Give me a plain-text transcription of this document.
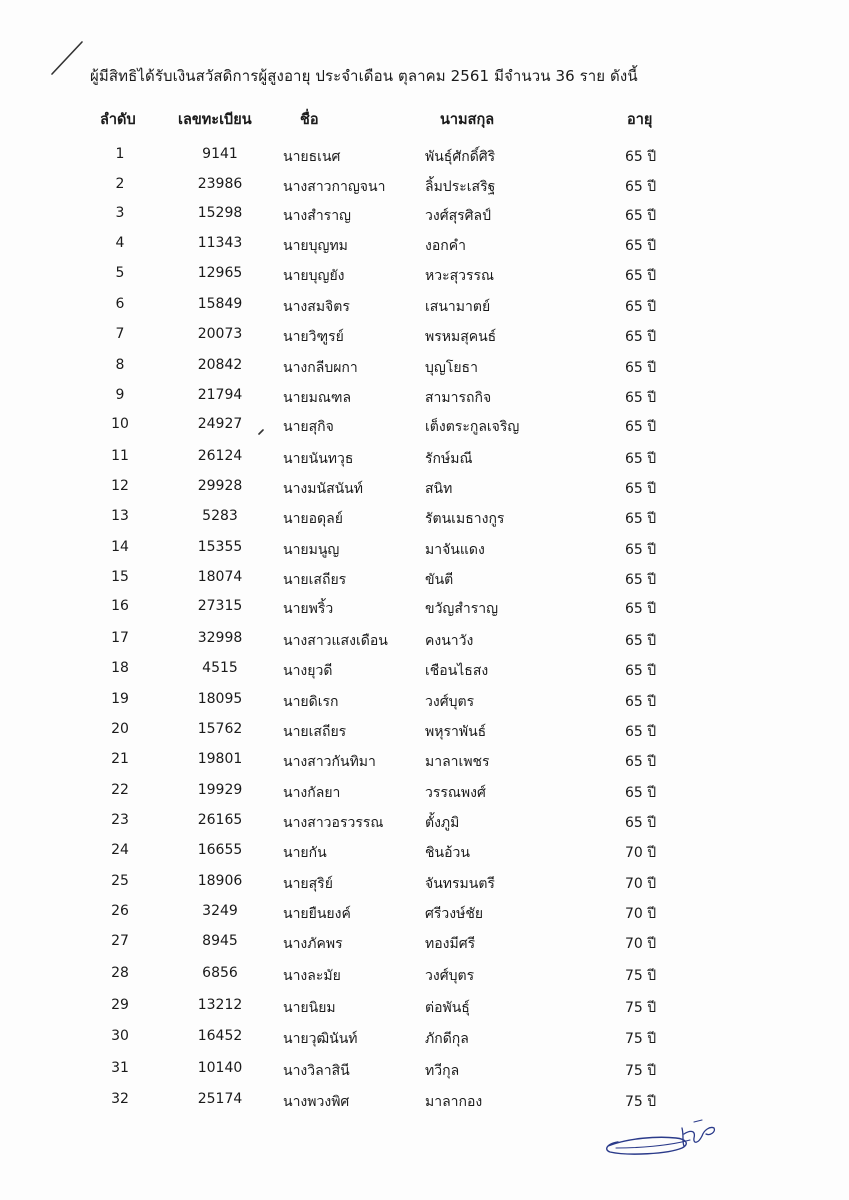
ผู้มีสิทธิได้รับเงินสวัสดิการผู้สูงอายุ ประจำเดือน ตุลาคม 2561 มีจำนวน 36 ราย ดังนี้
ลำดับ	เลขทะเบียน	ชื่อ	นามสกุล	อายุ
1	9141	นายธเนศ	พันธุ์ศักดิ์ศิริ	65 ปี
2	23986	นางสาวกาญจนา	ลิ้มประเสริฐ	65 ปี
3	15298	นางสำราญ	วงศ์สุรศิลป์	65 ปี
4	11343	นายบุญทม	งอกคำ	65 ปี
5	12965	นายบุญยัง	หวะสุวรรณ	65 ปี
6	15849	นางสมจิตร	เสนามาตย์	65 ปี
7	20073	นายวิฑูรย์	พรหมสุคนธ์	65 ปี
8	20842	นางกลีบผกา	บุญโยธา	65 ปี
9	21794	นายมณฑล	สามารถกิจ	65 ปี
10	24927	นายสุกิจ	เต็งตระกูลเจริญ	65 ปี
11	26124	นายนันทวุธ	รักษ์มณี	65 ปี
12	29928	นางมนัสนันท์	สนิท	65 ปี
13	5283	นายอดุลย์	รัตนเมธางกูร	65 ปี
14	15355	นายมนูญ	มาจันแดง	65 ปี
15	18074	นายเสถียร	ขันตี	65 ปี
16	27315	นายพริ้ว	ขวัญสำราญ	65 ปี
17	32998	นางสาวแสงเดือน	คงนาวัง	65 ปี
18	4515	นางยุวดี	เชือนไธสง	65 ปี
19	18095	นายดิเรก	วงศ์บุตร	65 ปี
20	15762	นายเสถียร	พหุราพันธ์	65 ปี
21	19801	นางสาวกันทิมา	มาลาเพชร	65 ปี
22	19929	นางกัลยา	วรรณพงศ์	65 ปี
23	26165	นางสาวอรวรรณ	ตั้งภูมิ	65 ปี
24	16655	นายกัน	ชินอ้วน	70 ปี
25	18906	นายสุริย์	จันทรมนตรี	70 ปี
26	3249	นายยืนยงค์	ศรีวงษ์ชัย	70 ปี
27	8945	นางภัคพร	ทองมีศรี	70 ปี
28	6856	นางละมัย	วงศ์บุตร	75 ปี
29	13212	นายนิยม	ต่อพันธุ์	75 ปี
30	16452	นายวุฒินันท์	ภักดีกุล	75 ปี
31	10140	นางวิลาสินี	ทวีกุล	75 ปี
32	25174	นางพวงพิศ	มาลากอง	75 ปี
